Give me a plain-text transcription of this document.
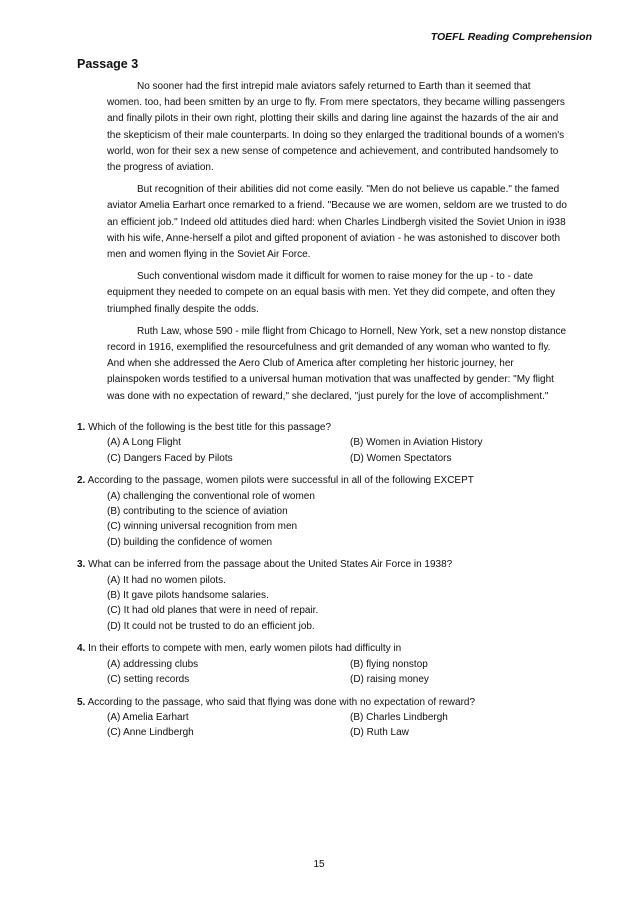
TOEFL Reading Comprehension
Passage 3

No sooner had the first intrepid male aviators safely returned to Earth than it seemed that women. too, had been smitten by an urge to fly. From mere spectators, they became willing passengers and finally pilots in their own right, plotting their skills and daring line against the hazards of the air and the skepticism of their male counterparts. In doing so they enlarged the traditional bounds of a women's world, won for their sex a new sense of competence and achievement, and contributed handsomely to the progress of aviation.

But recognition of their abilities did not come easily. "Men do not believe us capable." the famed aviator Amelia Earhart once remarked to a friend. "Because we are women, seldom are we trusted to do an efficient job." Indeed old attitudes died hard: when Charles Lindbergh visited the Soviet Union in i938 with his wife, Anne-herself a pilot and gifted proponent of aviation - he was astonished to discover both men and women flying in the Soviet Air Force.

Such conventional wisdom made it difficult for women to raise money for the up - to - date equipment they needed to compete on an equal basis with men. Yet they did compete, and often they triumphed finally despite the odds.

Ruth Law, whose 590 - mile flight from Chicago to Hornell, New York, set a new nonstop distance record in 1916, exemplified the resourcefulness and grit demanded of any woman who wanted to fly. And when she addressed the Aero Club of America after completing her historic journey, her plainspoken words testified to a universal human motivation that was unaffected by gender: "My flight was done with no expectation of reward," she declared, "just purely for the love of accomplishment."

1. Which of the following is the best title for this passage?
(A) A Long Flight	(B) Women in Aviation History
(C) Dangers Faced by Pilots	(D) Women Spectators
2. According to the passage, women pilots were successful in all of the following EXCEPT
(A) challenging the conventional role of women
(B) contributing to the science of aviation
(C) winning universal recognition from men
(D) building the confidence of women
3. What can be inferred from the passage about the United States Air Force in 1938?
(A) It had no women pilots.
(B) It gave pilots handsome salaries.
(C) It had old planes that were in need of repair.
(D) It could not be trusted to do an efficient job.
4. In their efforts to compete with men, early women pilots had difficulty in
(A) addressing clubs	(B) flying nonstop
(C) setting records	(D) raising money
5. According to the passage, who said that flying was done with no expectation of reward?
(A) Amelia Earhart	(B) Charles Lindbergh
(C) Anne Lindbergh	(D) Ruth Law
15
